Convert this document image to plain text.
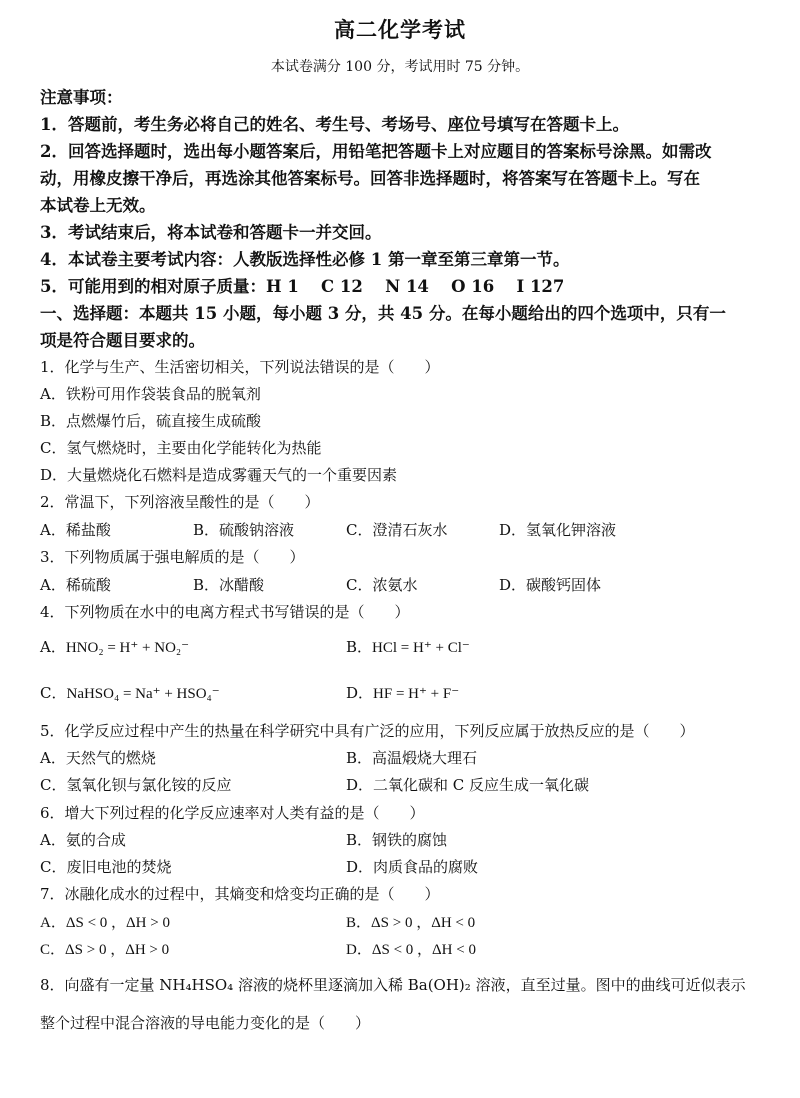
高二化学考试
本试卷满分 100 分，考试用时 75 分钟。
注意事项：
1．答题前，考生务必将自己的姓名、考生号、考场号、座位号填写在答题卡上。
2．回答选择题时，选出每小题答案后，用铅笔把答题卡上对应题目的答案标号涂黑。如需改
动，用橡皮擦干净后，再选涂其他答案标号。回答非选择题时，将答案写在答题卡上。写在
本试卷上无效。
3．考试结束后，将本试卷和答题卡一并交回。
4．本试卷主要考试内容：人教版选择性必修 1 第一章至第三章第一节。
5．可能用到的相对原子质量：H 1　 C 12　 N 14　 O 16　 I 127
一、选择题：本题共 15 小题，每小题 3 分，共 45 分。在每小题给出的四个选项中，只有一
项是符合题目要求的。
1．化学与生产、生活密切相关，下列说法错误的是（　　）
A．铁粉可用作袋装食品的脱氧剂
B．点燃爆竹后，硫直接生成硫酸
C．氢气燃烧时，主要由化学能转化为热能
D．大量燃烧化石燃料是造成雾霾天气的一个重要因素
2．常温下，下列溶液呈酸性的是（　　）
A．稀盐酸	B．硫酸钠溶液	C．澄清石灰水	D．氢氧化钾溶液
3．下列物质属于强电解质的是（　　）
A．稀硫酸	B．冰醋酸	C．浓氨水	D．碳酸钙固体
4．下列物质在水中的电离方程式书写错误的是（　　）
A．HNO₂ = H⁺ + NO₂⁻	B．HCl = H⁺ + Cl⁻
C．NaHSO₄ = Na⁺ + HSO₄⁻	D．HF = H⁺ + F⁻
5．化学反应过程中产生的热量在科学研究中具有广泛的应用，下列反应属于放热反应的是（　　）
A．天然气的燃烧	B．高温煅烧大理石
C．氢氧化钡与氯化铵的反应	D．二氧化碳和 C 反应生成一氧化碳
6．增大下列过程的化学反应速率对人类有益的是（　　）
A．氨的合成	B．钢铁的腐蚀
C．废旧电池的焚烧	D．肉质食品的腐败
7．冰融化成水的过程中，其熵变和焓变均正确的是（　　）
A．ΔS < 0 ，ΔH > 0	B．ΔS > 0 ，ΔH < 0
C．ΔS > 0 ，ΔH > 0	D．ΔS < 0 ，ΔH < 0
8．向盛有一定量 NH₄HSO₄ 溶液的烧杯里逐滴加入稀 Ba(OH)₂ 溶液，直至过量。图中的曲线可近似表示
整个过程中混合溶液的导电能力变化的是（　　）
